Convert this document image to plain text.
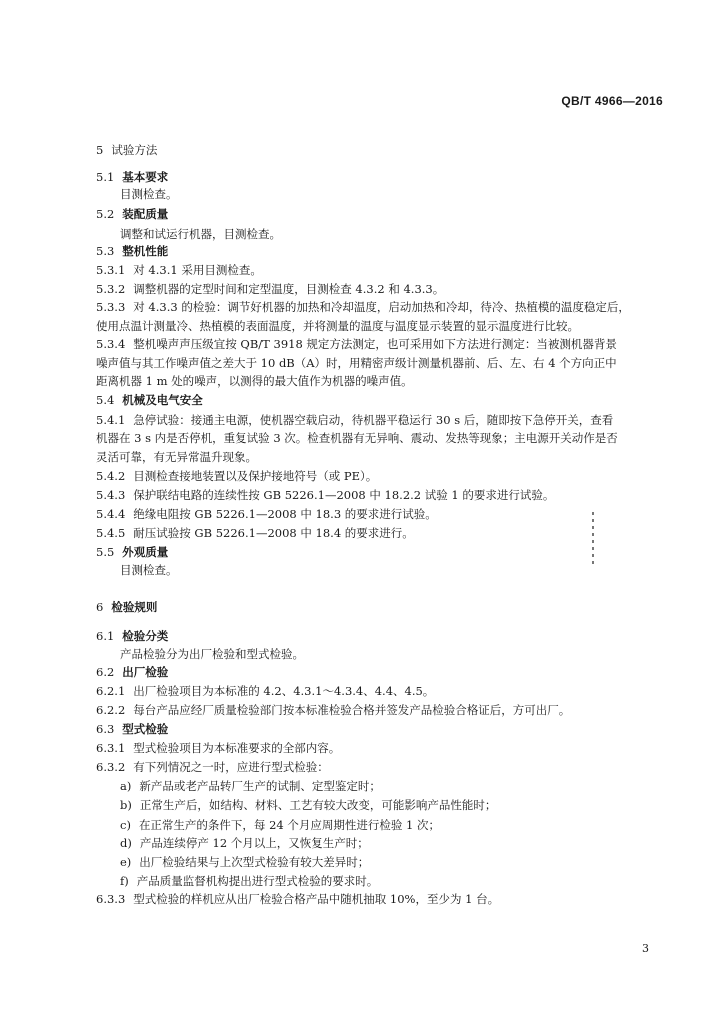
QB/T 4966—2016
5 试验方法
5.1 基本要求
目测检查。
5.2 装配质量
调整和试运行机器，目测检查。
5.3 整机性能
5.3.1 对 4.3.1 采用目测检查。
5.3.2 调整机器的定型时间和定型温度，目测检查 4.3.2 和 4.3.3。
5.3.3 对 4.3.3 的检验：调节好机器的加热和冷却温度，启动加热和冷却，待冷、热植模的温度稳定后，
使用点温计测量冷、热植模的表面温度，并将测量的温度与温度显示装置的显示温度进行比较。
5.3.4 整机噪声声压级宜按 QB/T 3918 规定方法测定，也可采用如下方法进行测定：当被测机器背景
噪声值与其工作噪声值之差大于 10 dB（A）时，用精密声级计测量机器前、后、左、右 4 个方向正中
距离机器 1 m 处的噪声，以测得的最大值作为机器的噪声值。
5.4 机械及电气安全
5.4.1 急停试验：接通主电源，使机器空载启动，待机器平稳运行 30 s 后，随即按下急停开关，查看
机器在 3 s 内是否停机，重复试验 3 次。检查机器有无异响、震动、发热等现象；主电源开关动作是否
灵活可靠，有无异常温升现象。
5.4.2 目测检查接地装置以及保护接地符号（或 PE）。
5.4.3 保护联结电路的连续性按 GB 5226.1—2008 中 18.2.2 试验 1 的要求进行试验。
5.4.4 绝缘电阻按 GB 5226.1—2008 中 18.3 的要求进行试验。
5.4.5 耐压试验按 GB 5226.1—2008 中 18.4 的要求进行。
5.5 外观质量
目测检查。
6 检验规则
6.1 检验分类
产品检验分为出厂检验和型式检验。
6.2 出厂检验
6.2.1 出厂检验项目为本标准的 4.2、4.3.1～4.3.4、4.4、4.5。
6.2.2 每台产品应经厂质量检验部门按本标准检验合格并签发产品检验合格证后，方可出厂。
6.3 型式检验
6.3.1 型式检验项目为本标准要求的全部内容。
6.3.2 有下列情况之一时，应进行型式检验：
a) 新产品或老产品转厂生产的试制、定型鉴定时；
b) 正常生产后，如结构、材料、工艺有较大改变，可能影响产品性能时；
c) 在正常生产的条件下，每 24 个月应周期性进行检验 1 次；
d) 产品连续停产 12 个月以上，又恢复生产时；
e) 出厂检验结果与上次型式检验有较大差异时；
f) 产品质量监督机构提出进行型式检验的要求时。
6.3.3 型式检验的样机应从出厂检验合格产品中随机抽取 10%，至少为 1 台。
3
